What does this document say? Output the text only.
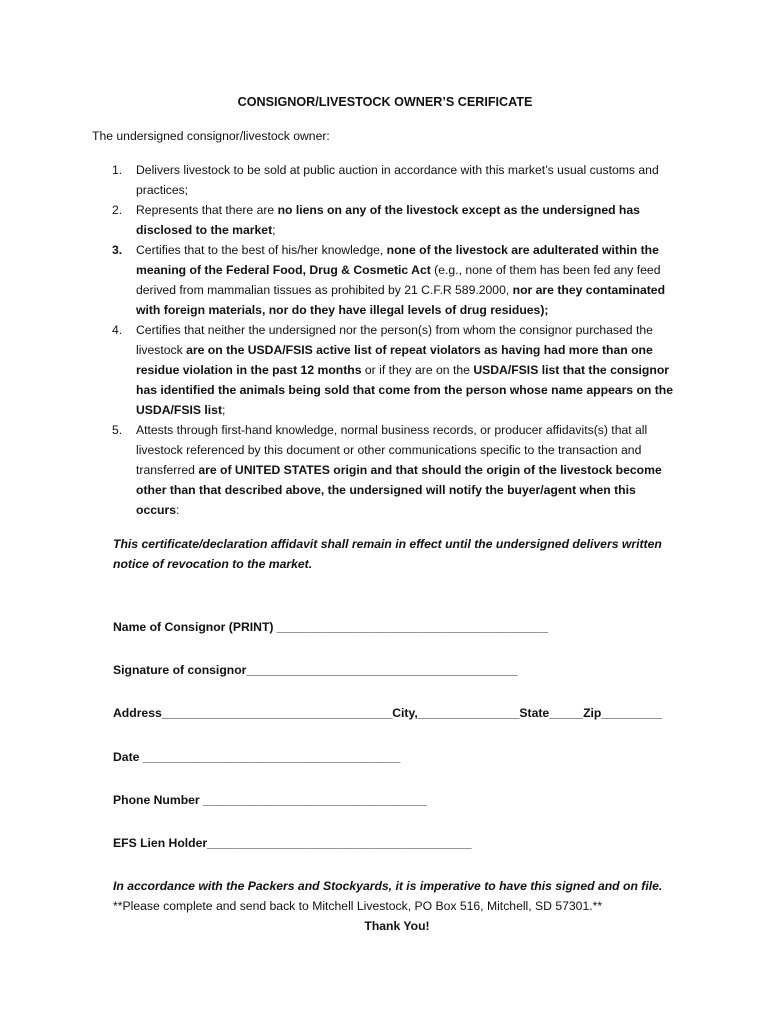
CONSIGNOR/LIVESTOCK OWNER’S CERIFICATE
The undersigned consignor/livestock owner:
1. Delivers livestock to be sold at public auction in accordance with this market’s usual customs and practices;
2. Represents that there are no liens on any of the livestock except as the undersigned has disclosed to the market;
3. Certifies that to the best of his/her knowledge, none of the livestock are adulterated within the meaning of the Federal Food, Drug & Cosmetic Act (e.g., none of them has been fed any feed derived from mammalian tissues as prohibited by 21 C.F.R 589.2000, nor are they contaminated with foreign materials, nor do they have illegal levels of drug residues);
4. Certifies that neither the undersigned nor the person(s) from whom the consignor purchased the livestock are on the USDA/FSIS active list of repeat violators as having had more than one residue violation in the past 12 months or if they are on the USDA/FSIS list that the consignor has identified the animals being sold that come from the person whose name appears on the USDA/FSIS list;
5. Attests through first-hand knowledge, normal business records, or producer affidavits(s) that all livestock referenced by this document or other communications specific to the transaction and transferred are of UNITED STATES origin and that should the origin of the livestock become other than that described above, the undersigned will notify the buyer/agent when this occurs:
This certificate/declaration affidavit shall remain in effect until the undersigned delivers written notice of revocation to the market.
Name of Consignor (PRINT) ________________________________________
Signature of consignor________________________________________
Address__________________________________City,_______________State_____Zip_________
Date ______________________________________
Phone Number _________________________________
EFS Lien Holder_______________________________________
In accordance with the Packers and Stockyards, it is imperative to have this signed and on file.
**Please complete and send back to Mitchell Livestock, PO Box 516, Mitchell, SD 57301.**
Thank You!
